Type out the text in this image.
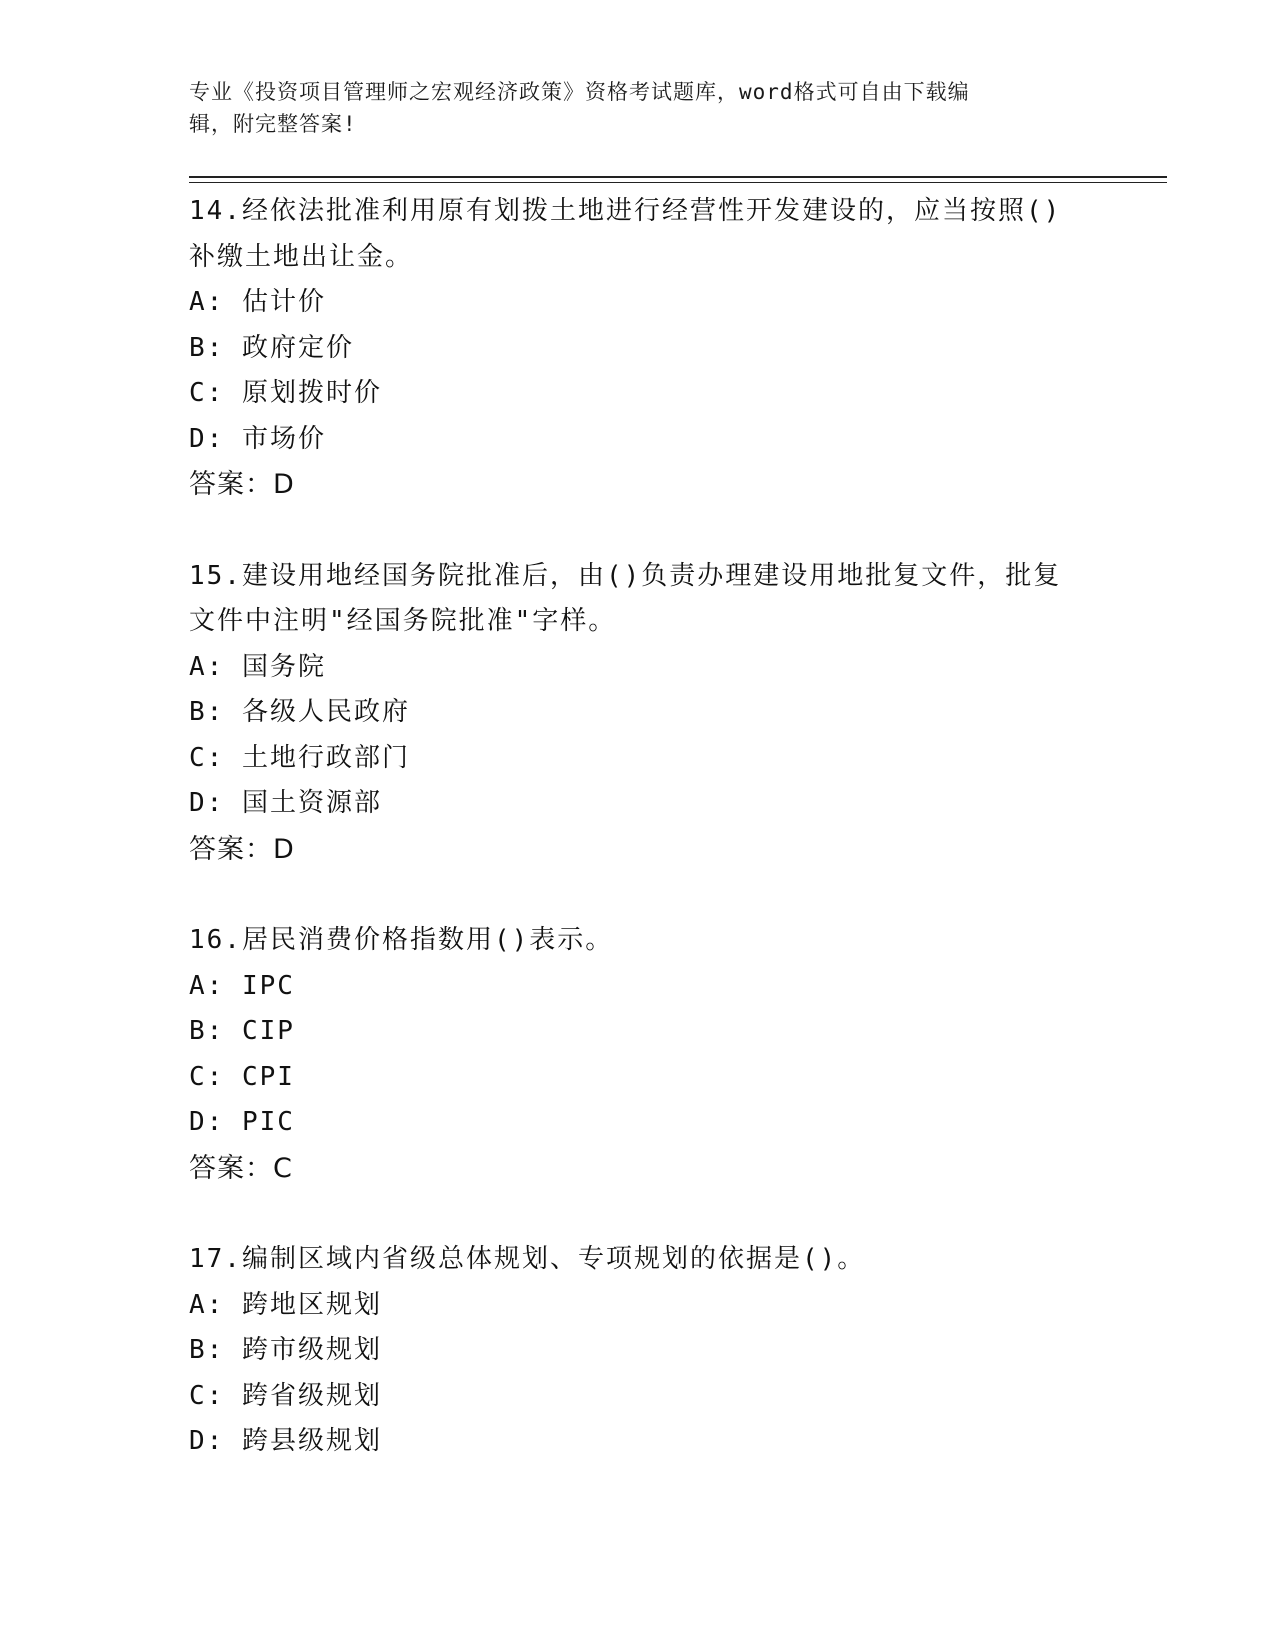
专业《投资项目管理师之宏观经济政策》资格考试题库，word格式可自由下载编
辑，附完整答案!
14.经依法批准利用原有划拨土地进行经营性开发建设的，应当按照()
补缴土地出让金。
A: 估计价
B: 政府定价
C: 原划拨时价
D: 市场价
答案：D
15.建设用地经国务院批准后，由()负责办理建设用地批复文件，批复
文件中注明"经国务院批准"字样。
A: 国务院
B: 各级人民政府
C: 土地行政部门
D: 国土资源部
答案：D
16.居民消费价格指数用()表示。
A: IPC
B: CIP
C: CPI
D: PIC
答案：C
17.编制区域内省级总体规划、专项规划的依据是()。
A: 跨地区规划
B: 跨市级规划
C: 跨省级规划
D: 跨县级规划
